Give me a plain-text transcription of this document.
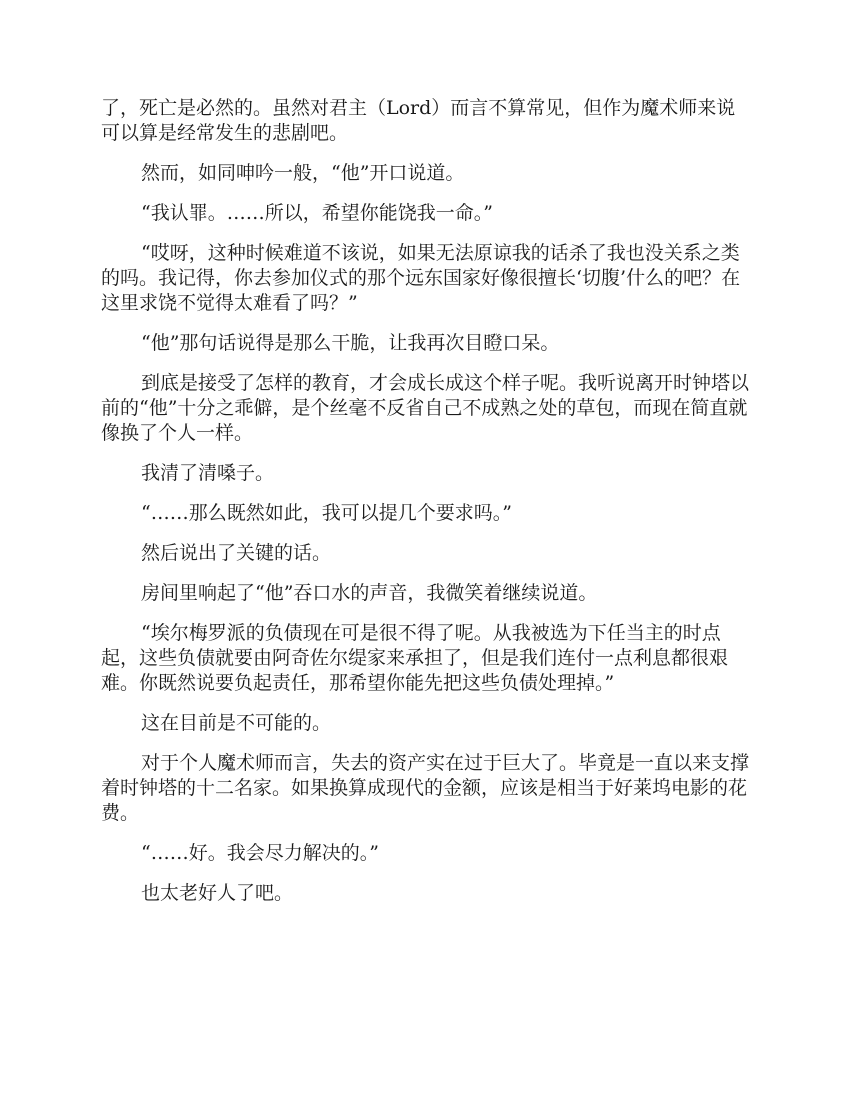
了，死亡是必然的。虽然对君主（Lord）而言不算常见，但作为魔术师来说可以算是经常发生的悲剧吧。

然而，如同呻吟一般，“他”开口说道。

“我认罪。……所以，希望你能饶我一命。”

“哎呀，这种时候难道不该说，如果无法原谅我的话杀了我也没关系之类的吗。我记得，你去参加仪式的那个远东国家好像很擅长‘切腹’什么的吧？在这里求饶不觉得太难看了吗？”

“他”那句话说得是那么干脆，让我再次目瞪口呆。

到底是接受了怎样的教育，才会成长成这个样子呢。我听说离开时钟塔以前的“他”十分之乖僻，是个丝毫不反省自己不成熟之处的草包，而现在简直就像换了个人一样。

我清了清嗓子。

“……那么既然如此，我可以提几个要求吗。”

然后说出了关键的话。

房间里响起了“他”吞口水的声音，我微笑着继续说道。

“埃尔梅罗派的负债现在可是很不得了呢。从我被选为下任当主的时点起，这些负债就要由阿奇佐尔缇家来承担了，但是我们连付一点利息都很艰难。你既然说要负起责任，那希望你能先把这些负债处理掉。”

这在目前是不可能的。

对于个人魔术师而言，失去的资产实在过于巨大了。毕竟是一直以来支撑着时钟塔的十二名家。如果换算成现代的金额，应该是相当于好莱坞电影的花费。

“……好。我会尽力解决的。”

也太老好人了吧。
